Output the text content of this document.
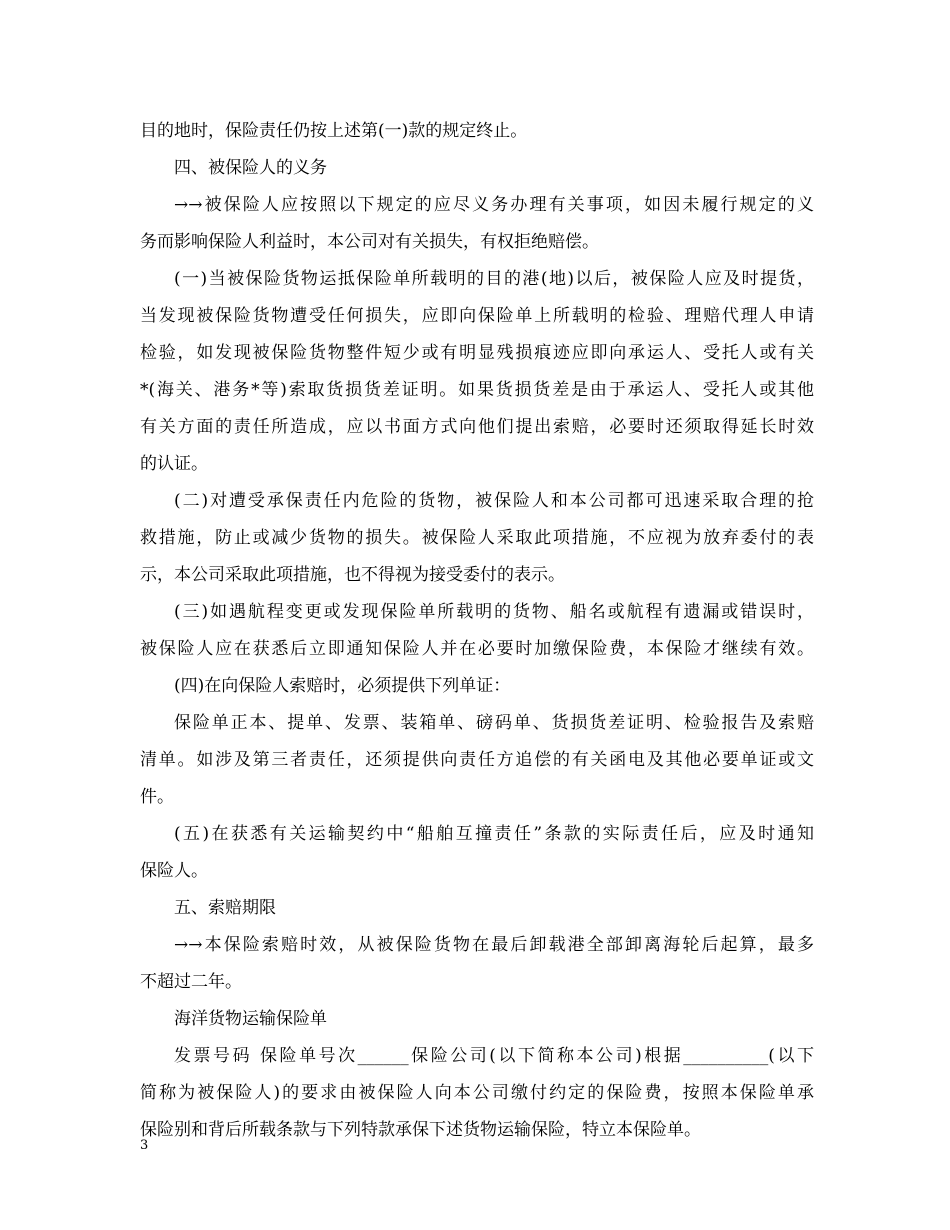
目的地时，保险责任仍按上述第(一)款的规定终止。
四、被保险人的义务
→→被保险人应按照以下规定的应尽义务办理有关事项，如因未履行规定的义
务而影响保险人利益时，本公司对有关损失，有权拒绝赔偿。
(一)当被保险货物运抵保险单所载明的目的港(地)以后，被保险人应及时提货，
当发现被保险货物遭受任何损失，应即向保险单上所载明的检验、理赔代理人申请
检验，如发现被保险货物整件短少或有明显残损痕迹应即向承运人、受托人或有关
*(海关、港务*等)索取货损货差证明。如果货损货差是由于承运人、受托人或其他
有关方面的责任所造成，应以书面方式向他们提出索赔，必要时还须取得延长时效
的认证。
(二)对遭受承保责任内危险的货物，被保险人和本公司都可迅速采取合理的抢
救措施，防止或减少货物的损失。被保险人采取此项措施，不应视为放弃委付的表
示，本公司采取此项措施，也不得视为接受委付的表示。
(三)如遇航程变更或发现保险单所载明的货物、船名或航程有遗漏或错误时，
被保险人应在获悉后立即通知保险人并在必要时加缴保险费，本保险才继续有效。
(四)在向保险人索赔时，必须提供下列单证：
保险单正本、提单、发票、装箱单、磅码单、货损货差证明、检验报告及索赔
清单。如涉及第三者责任，还须提供向责任方追偿的有关函电及其他必要单证或文
件。
(五)在获悉有关运输契约中“船舶互撞责任”条款的实际责任后，应及时通知
保险人。
五、索赔期限
→→本保险索赔时效，从被保险货物在最后卸载港全部卸离海轮后起算，最多
不超过二年。
海洋货物运输保险单
发票号码 保险单号次______保险公司(以下简称本公司)根据__________(以下
简称为被保险人)的要求由被保险人向本公司缴付约定的保险费，按照本保险单承
保险别和背后所载条款与下列特款承保下述货物运输保险，特立本保险单。
3
